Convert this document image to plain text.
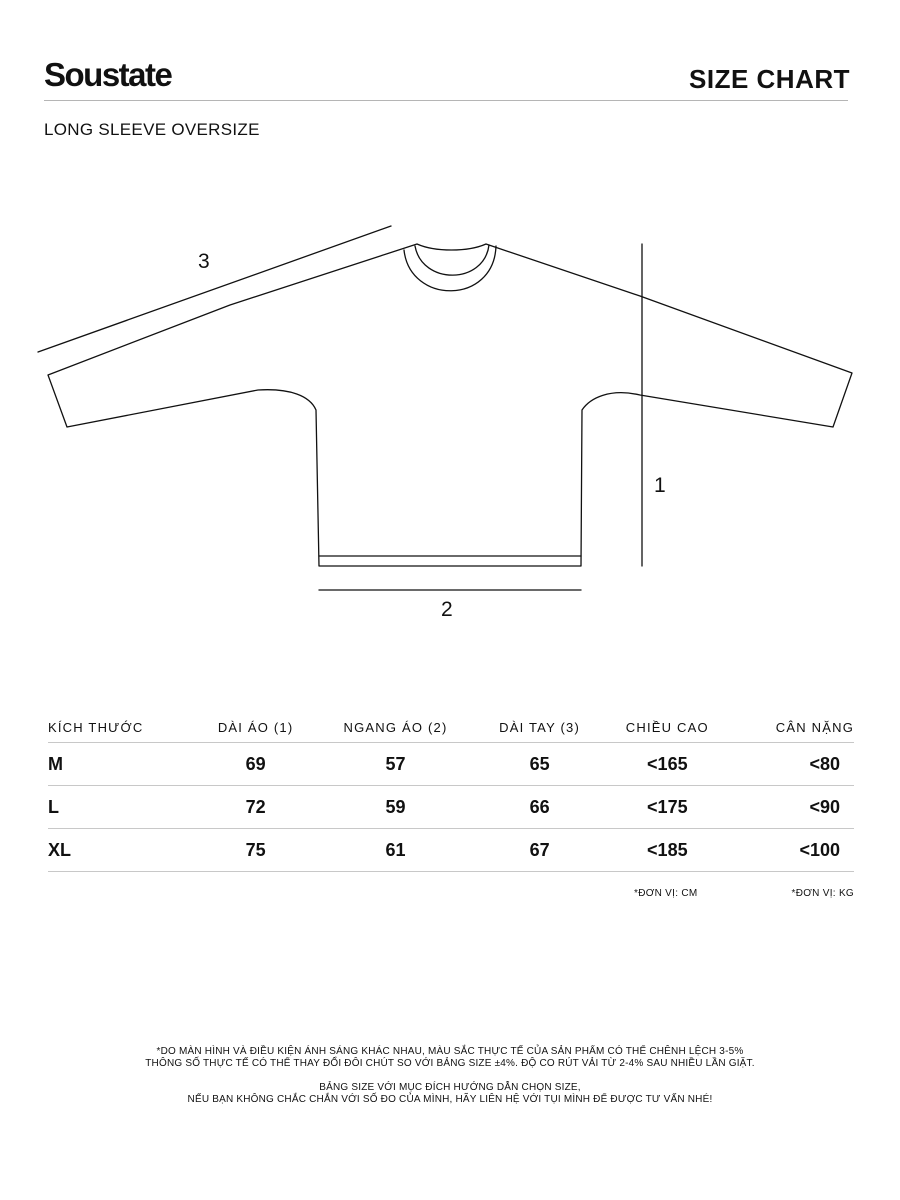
Soustate	SIZE CHART
LONG SLEEVE OVERSIZE
3
1
2
KÍCH THƯỚC	DÀI ÁO (1)	NGANG ÁO (2)	DÀI TAY (3)	CHIỀU CAO	CÂN NẶNG
M	69	57	65	<165	<80
L	72	59	66	<175	<90
XL	75	61	67	<185	<100
*ĐƠN VỊ: CM	*ĐƠN VỊ: KG
*DO MÀN HÌNH VÀ ĐIỀU KIỆN ÁNH SÁNG KHÁC NHAU, MÀU SẮC THỰC TẾ CỦA SẢN PHẨM CÓ THỂ CHÊNH LỆCH 3-5%
THÔNG SỐ THỰC TẾ CÓ THỂ THAY ĐỔI ĐÔI CHÚT SO VỚI BẢNG SIZE ±4%. ĐỘ CO RÚT VẢI TỪ 2-4% SAU NHIỀU LẦN GIẶT.
BẢNG SIZE VỚI MỤC ĐÍCH HƯỚNG DẪN CHỌN SIZE,
NẾU BẠN KHÔNG CHẮC CHẮN VỚI SỐ ĐO CỦA MÌNH, HÃY LIÊN HỆ VỚI TỤI MÌNH ĐỂ ĐƯỢC TƯ VẤN NHÉ!
